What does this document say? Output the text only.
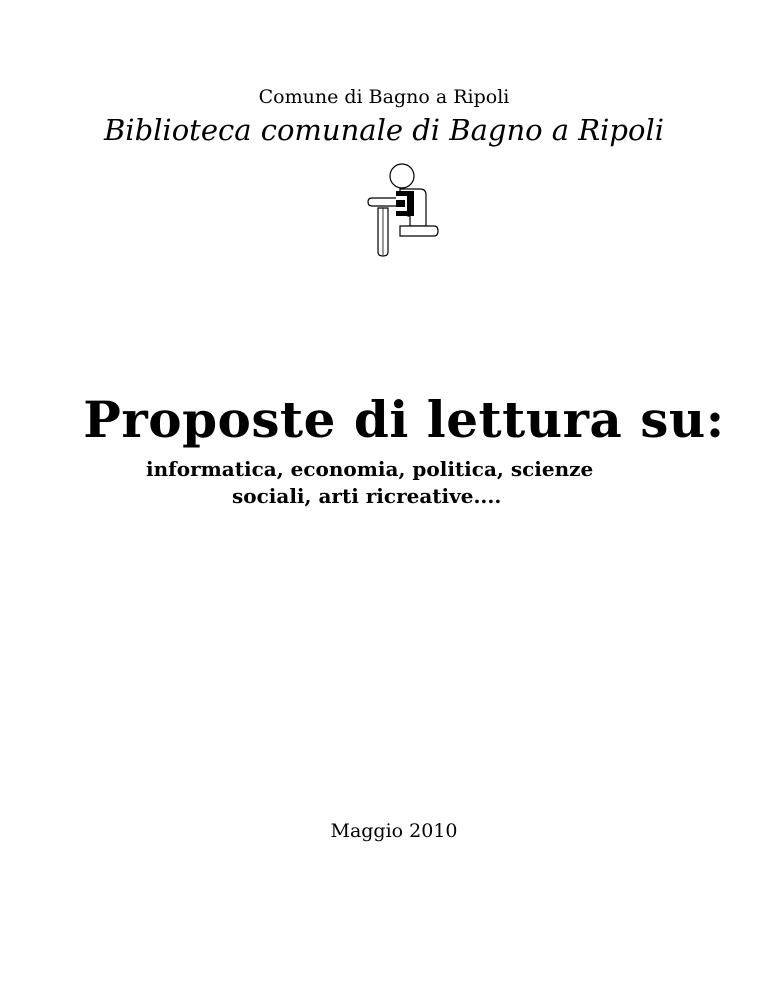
Comune di Bagno a Ripoli
Biblioteca comunale di Bagno a Ripoli
Proposte di lettura su:
informatica, economia, politica, scienze
sociali, arti ricreative....
Maggio 2010
